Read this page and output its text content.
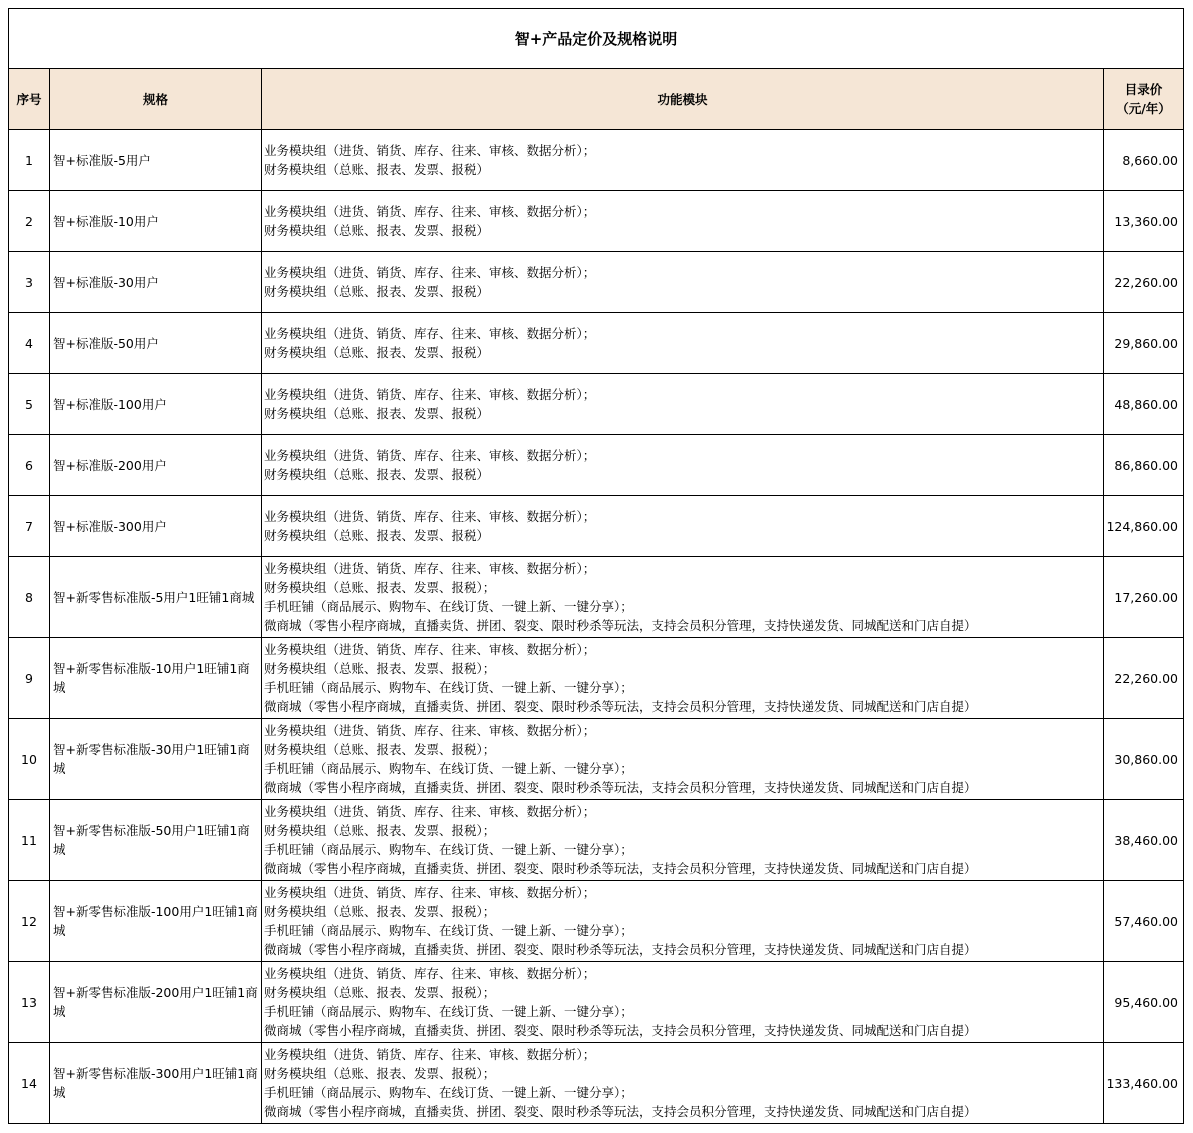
智+产品定价及规格说明			
序号	规格	功能模块	目录价
（元/年）
1	智+标准版-5用户	业务模块组（进货、销货、库存、往来、审核、数据分析）；
财务模块组（总账、报表、发票、报税）	8,660.00
2	智+标准版-10用户	业务模块组（进货、销货、库存、往来、审核、数据分析）；
财务模块组（总账、报表、发票、报税）	13,360.00
3	智+标准版-30用户	业务模块组（进货、销货、库存、往来、审核、数据分析）；
财务模块组（总账、报表、发票、报税）	22,260.00
4	智+标准版-50用户	业务模块组（进货、销货、库存、往来、审核、数据分析）；
财务模块组（总账、报表、发票、报税）	29,860.00
5	智+标准版-100用户	业务模块组（进货、销货、库存、往来、审核、数据分析）；
财务模块组（总账、报表、发票、报税）	48,860.00
6	智+标准版-200用户	业务模块组（进货、销货、库存、往来、审核、数据分析）；
财务模块组（总账、报表、发票、报税）	86,860.00
7	智+标准版-300用户	业务模块组（进货、销货、库存、往来、审核、数据分析）；
财务模块组（总账、报表、发票、报税）	124,860.00
8	智+新零售标准版-5用户1旺铺1商城	业务模块组（进货、销货、库存、往来、审核、数据分析）；
财务模块组（总账、报表、发票、报税）；
手机旺铺（商品展示、购物车、在线订货、一键上新、一键分享）；
微商城（零售小程序商城，直播卖货、拼团、裂变、限时秒杀等玩法，支持会员积分管理，支持快递发货、同城配送和门店自提）	17,260.00
9	智+新零售标准版-10用户1旺铺1商城	业务模块组（进货、销货、库存、往来、审核、数据分析）；
财务模块组（总账、报表、发票、报税）；
手机旺铺（商品展示、购物车、在线订货、一键上新、一键分享）；
微商城（零售小程序商城，直播卖货、拼团、裂变、限时秒杀等玩法，支持会员积分管理，支持快递发货、同城配送和门店自提）	22,260.00
10	智+新零售标准版-30用户1旺铺1商城	业务模块组（进货、销货、库存、往来、审核、数据分析）；
财务模块组（总账、报表、发票、报税）；
手机旺铺（商品展示、购物车、在线订货、一键上新、一键分享）；
微商城（零售小程序商城，直播卖货、拼团、裂变、限时秒杀等玩法，支持会员积分管理，支持快递发货、同城配送和门店自提）	30,860.00
11	智+新零售标准版-50用户1旺铺1商城	业务模块组（进货、销货、库存、往来、审核、数据分析）；
财务模块组（总账、报表、发票、报税）；
手机旺铺（商品展示、购物车、在线订货、一键上新、一键分享）；
微商城（零售小程序商城，直播卖货、拼团、裂变、限时秒杀等玩法，支持会员积分管理，支持快递发货、同城配送和门店自提）	38,460.00
12	智+新零售标准版-100用户1旺铺1商城	业务模块组（进货、销货、库存、往来、审核、数据分析）；
财务模块组（总账、报表、发票、报税）；
手机旺铺（商品展示、购物车、在线订货、一键上新、一键分享）；
微商城（零售小程序商城，直播卖货、拼团、裂变、限时秒杀等玩法，支持会员积分管理，支持快递发货、同城配送和门店自提）	57,460.00
13	智+新零售标准版-200用户1旺铺1商城	业务模块组（进货、销货、库存、往来、审核、数据分析）；
财务模块组（总账、报表、发票、报税）；
手机旺铺（商品展示、购物车、在线订货、一键上新、一键分享）；
微商城（零售小程序商城，直播卖货、拼团、裂变、限时秒杀等玩法，支持会员积分管理，支持快递发货、同城配送和门店自提）	95,460.00
14	智+新零售标准版-300用户1旺铺1商城	业务模块组（进货、销货、库存、往来、审核、数据分析）；
财务模块组（总账、报表、发票、报税）；
手机旺铺（商品展示、购物车、在线订货、一键上新、一键分享）；
微商城（零售小程序商城，直播卖货、拼团、裂变、限时秒杀等玩法，支持会员积分管理，支持快递发货、同城配送和门店自提）	133,460.00
